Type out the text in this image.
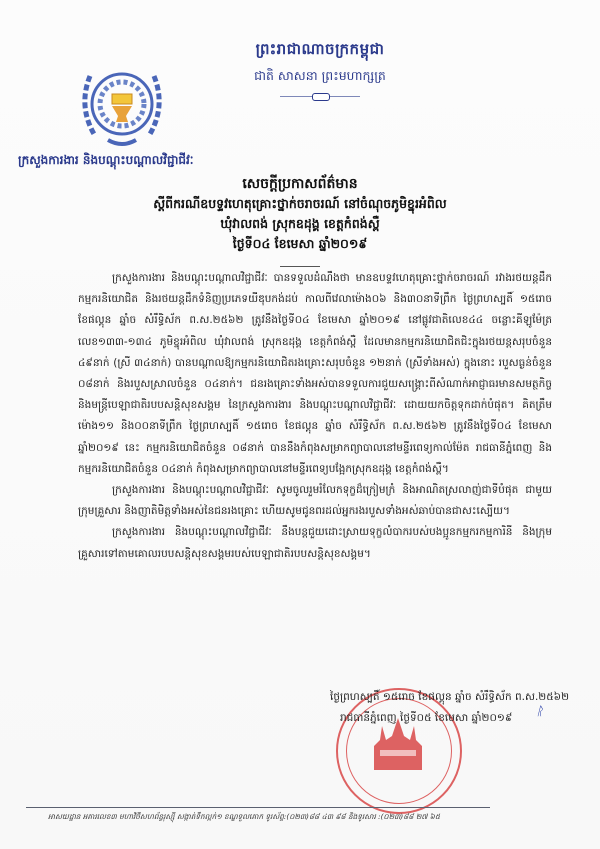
ព្រះរាជាណាចក្រកម្ពុជា
ជាតិ សាសនា ព្រះមហាក្សត្រ
ក្រសួងការងារ និងបណ្តុះបណ្តាលវិជ្ជាជីវៈ
សេចក្តីប្រកាសព័ត៌មាន
ស្តីពីករណីឧបទ្ទវហេតុគ្រោះថ្នាក់ចរាចរណ៍ នៅចំណុចភូមិខ្នុរអំពិល
ឃុំវាលពង់ ស្រុកឧដុង្គ ខេត្តកំពង់ស្ពឺ
ថ្ងៃទី០៤ ខែមេសា ឆ្នាំ២០១៩

ក្រសួងការងារ និងបណ្តុះបណ្តាលវិជ្ជាជីវៈ បានទទួលដំណឹងថា មានឧបទ្ទវហេតុគ្រោះថ្នាក់ចរាចរណ៍ រវាងរថយន្តដឹកកម្មករនិយោជិត និងរថយន្តដឹកទំនិញប្រភេទយីឌុបកង់ដប់ កាលពីវេលាម៉ោង០៦ និង៣០នាទីព្រឹក ថ្ងៃព្រហស្បតិ៍ ១៥រោច ខែផល្គុន ឆ្នាំច សំរឹទ្ធិស័ក ព.ស.២៥៦២ ត្រូវនឹងថ្ងៃទី០៤ ខែមេសា ឆ្នាំ២០១៩ នៅផ្លូវជាតិលេខ៤៤ ចន្លោះគីឡូម៉ែត្រលេខ១៣៣-១៣៤ ភូមិខ្នុរអំពិល ឃុំវាលពង់ ស្រុកឧដុង្គ ខេត្តកំពង់ស្ពឺ ដែលមានកម្មករនិយោជិតជិះក្នុងរថយន្តសរុបចំនួន ៤៩នាក់ (ស្រី ៣៤នាក់) បានបណ្តាលឱ្យកម្មករនិយោជិតរងគ្រោះសរុបចំនួន ១២នាក់ (ស្រីទាំងអស់) ក្នុងនោះ របួសធ្ងន់ចំនួន ០៨នាក់ និងរបួសស្រាលចំនួន ០៤នាក់។ ជនរងគ្រោះទាំងអស់បានទទួលការជួយសង្គ្រោះពីសំណាក់អាជ្ញាធរមានសមត្ថកិច្ច និងមន្ត្រីបេឡាជាតិរបបសន្តិសុខសង្គម នៃក្រសួងការងារ និងបណ្តុះបណ្តាលវិជ្ជាជីវៈ ដោយយកចិត្តទុកដាក់បំផុត។ គិតត្រឹមម៉ោង១១ និង០០នាទីព្រឹក ថ្ងៃព្រហស្បតិ៍ ១៥រោច ខែផល្គុន ឆ្នាំច សំរឹទ្ធិស័ក ព.ស.២៥៦២ ត្រូវនឹងថ្ងៃទី០៤ ខែមេសា ឆ្នាំ២០១៩ នេះ កម្មករនិយោជិតចំនួន ០៨នាក់ បាននឹងកំពុងសម្រាកព្យាបាលនៅមន្ទីរពេទ្យកាល់ម៉ែត រាជធានីភ្នំពេញ និងកម្មករនិយោជិតចំនួន ០៤នាក់ កំពុងសម្រាកព្យាបាលនៅមន្ទីរពេទ្យបង្អែកស្រុកឧដុង្គ ខេត្តកំពង់ស្ពឺ។

ក្រសួងការងារ និងបណ្តុះបណ្តាលវិជ្ជាជីវៈ សូមចូលរួមរំលែកទុក្ខដ៏ក្រៀមក្រំ និងអាណិតស្រលាញ់ជាទីបំផុត ជាមួយក្រុមគ្រួសារ និងញាតិមិត្តទាំងអស់នៃជនរងគ្រោះ ហើយសូមជូនពរដល់អ្នករងរបួសទាំងអស់ឆាប់បានជាសះស្បើយ។

ក្រសួងការងារ និងបណ្តុះបណ្តាលវិជ្ជាជីវៈ នឹងបន្តជួយដោះស្រាយទុក្ខលំបាករបស់បងប្អូនកម្មករកម្មការិនី និងក្រុមគ្រួសារទៅតាមគោលរបបសន្តិសុខសង្គមរបស់បេឡាជាតិរបបសន្តិសុខសង្គម។

ថ្ងៃព្រហស្បតិ៍ ១៥រោច ខែផល្គុន ឆ្នាំច សំរឹទ្ធិស័ក ព.ស.២៥៦២
រាជធានីភ្នំពេញ ថ្ងៃទី០៥ ខែមេសា ឆ្នាំ២០១៩	ᚱ
អាសយដ្ឋាន អគារលេខ៣ មហាវិថីសហព័ន្ធរុស្ស៊ី សង្កាត់ទឹកល្អក់១ ខណ្ឌទួលគោក ទូរស័ព្ទ:(០២៣)៨៨ ៤៣ ៩៨ និងទូរសារ :(០២៣)៨៨ ២៧ ៦៥
